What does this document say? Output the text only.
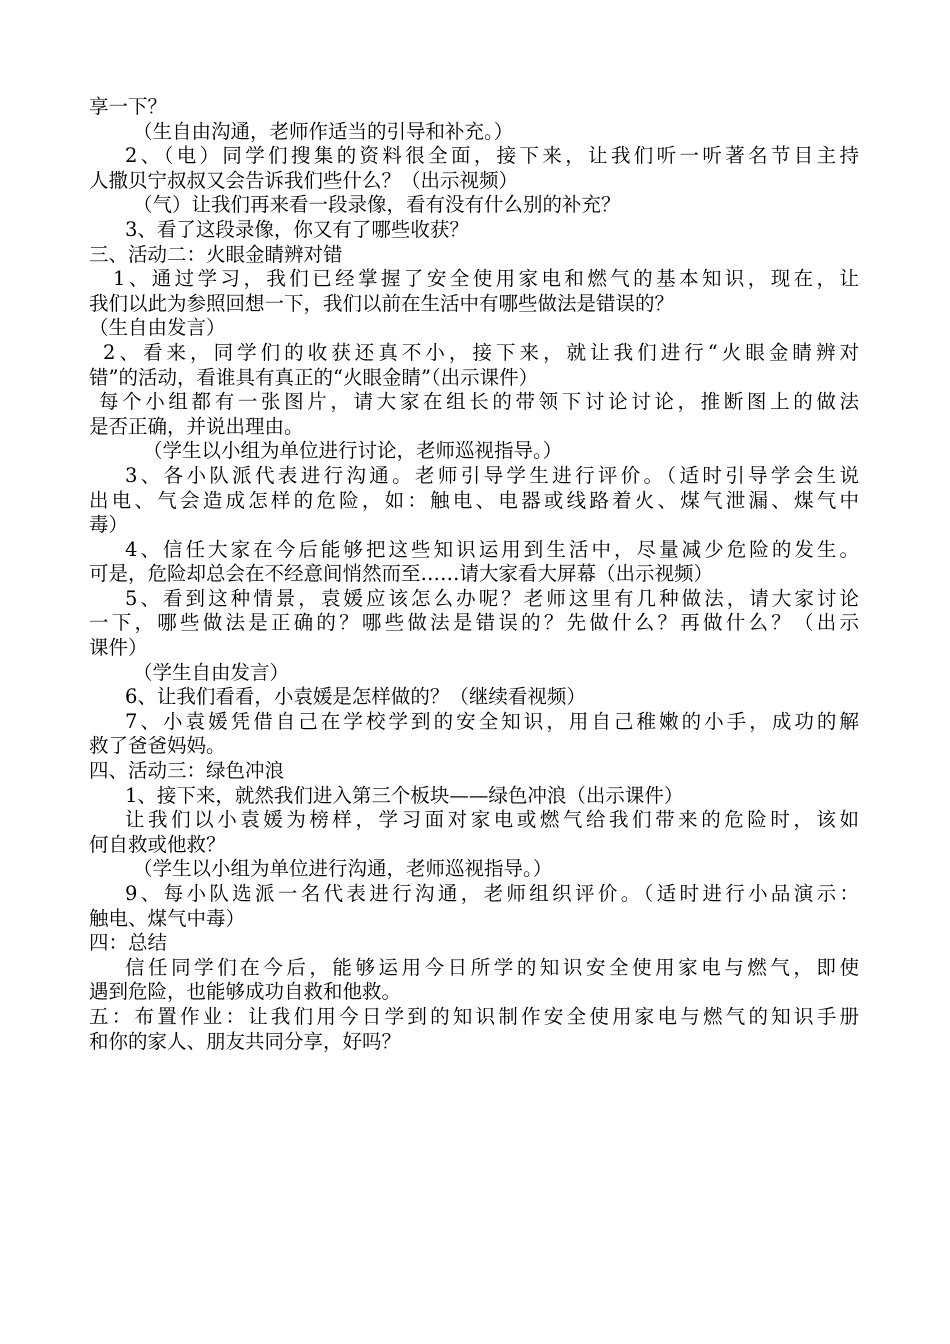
享一下？
（生自由沟通，老师作适当的引导和补充。）
2、（电）同学们搜集的资料很全面，接下来，让我们听一听著名节目主持
人撒贝宁叔叔又会告诉我们些什么？（出示视频）
（气）让我们再来看一段录像，看有没有什么别的补充？
3、看了这段录像，你又有了哪些收获？
三、活动二：火眼金睛辨对错
1、通过学习，我们已经掌握了安全使用家电和燃气的基本知识，现在，让
我们以此为参照回想一下，我们以前在生活中有哪些做法是错误的？
（生自由发言）
2、看来，同学们的收获还真不小，接下来，就让我们进行“火眼金睛辨对
错”的活动，看谁具有真正的“火眼金睛”（出示课件）
每个小组都有一张图片，请大家在组长的带领下讨论讨论，推断图上的做法
是否正确，并说出理由。
（学生以小组为单位进行讨论，老师巡视指导。）
3、各小队派代表进行沟通。老师引导学生进行评价。（适时引导学会生说
出电、气会造成怎样的危险，如：触电、电器或线路着火、煤气泄漏、煤气中
毒）
4、信任大家在今后能够把这些知识运用到生活中，尽量减少危险的发生。
可是，危险却总会在不经意间悄然而至……请大家看大屏幕（出示视频）
5、看到这种情景，袁媛应该怎么办呢？老师这里有几种做法，请大家讨论
一下，哪些做法是正确的？哪些做法是错误的？先做什么？再做什么？（出示
课件）
（学生自由发言）
6、让我们看看，小袁媛是怎样做的？（继续看视频）
7、小袁媛凭借自己在学校学到的安全知识，用自己稚嫩的小手，成功的解
救了爸爸妈妈。
四、活动三：绿色冲浪
1、接下来，就然我们进入第三个板块——绿色冲浪（出示课件）
让我们以小袁媛为榜样，学习面对家电或燃气给我们带来的危险时，该如
何自救或他救？
（学生以小组为单位进行沟通，老师巡视指导。）
9、每小队选派一名代表进行沟通，老师组织评价。（适时进行小品演示：
触电、煤气中毒）
四：总结
信任同学们在今后，能够运用今日所学的知识安全使用家电与燃气，即使
遇到危险，也能够成功自救和他救。
五：布置作业：让我们用今日学到的知识制作安全使用家电与燃气的知识手册
和你的家人、朋友共同分享，好吗？
